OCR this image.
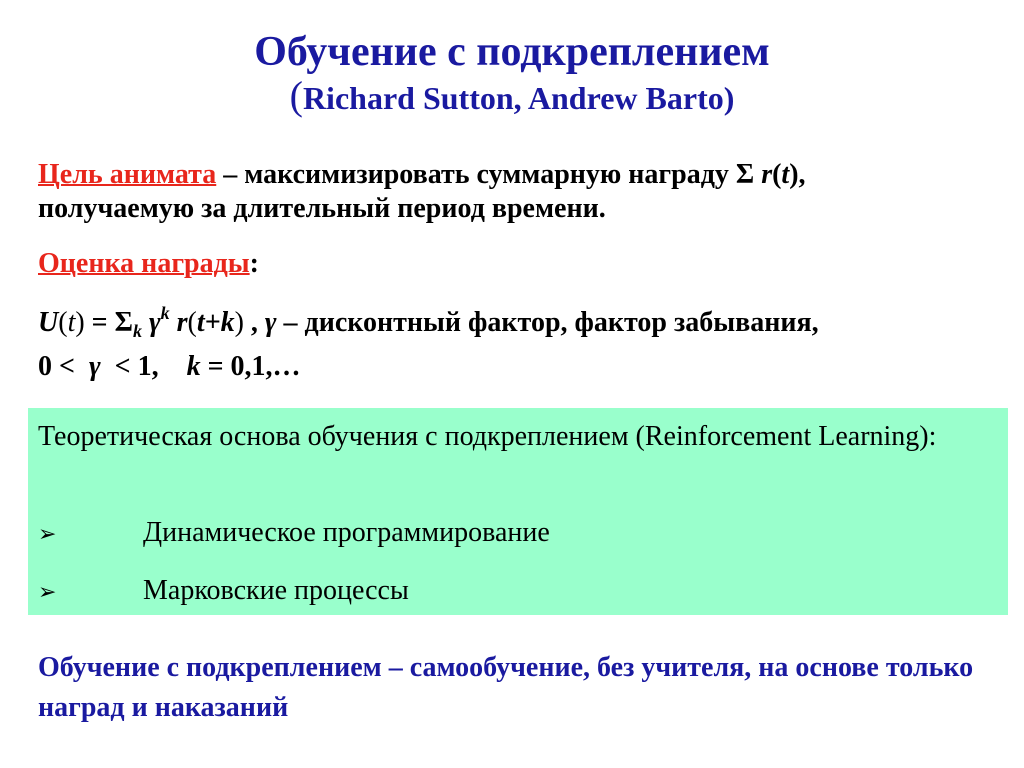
Обучение с подкреплением
(Richard Sutton, Andrew Barto)
Цель анимата – максимизировать суммарную награду Σ r(t),
получаемую за длительный период времени.
Оценка награды:
$U(t) = \Sigma_k$ $\gamma^k$ r(t+k) , γ – дисконтный фактор, фактор забывания,
0 <  γ  < 1,    k = 0,1,…
Теоретическая основа обучения с подкреплением (Reinforcement Learning):
➢	Динамическое программирование
➢	Марковские процессы
Обучение с подкреплением – самообучение, без учителя, на основе только наград и наказаний
